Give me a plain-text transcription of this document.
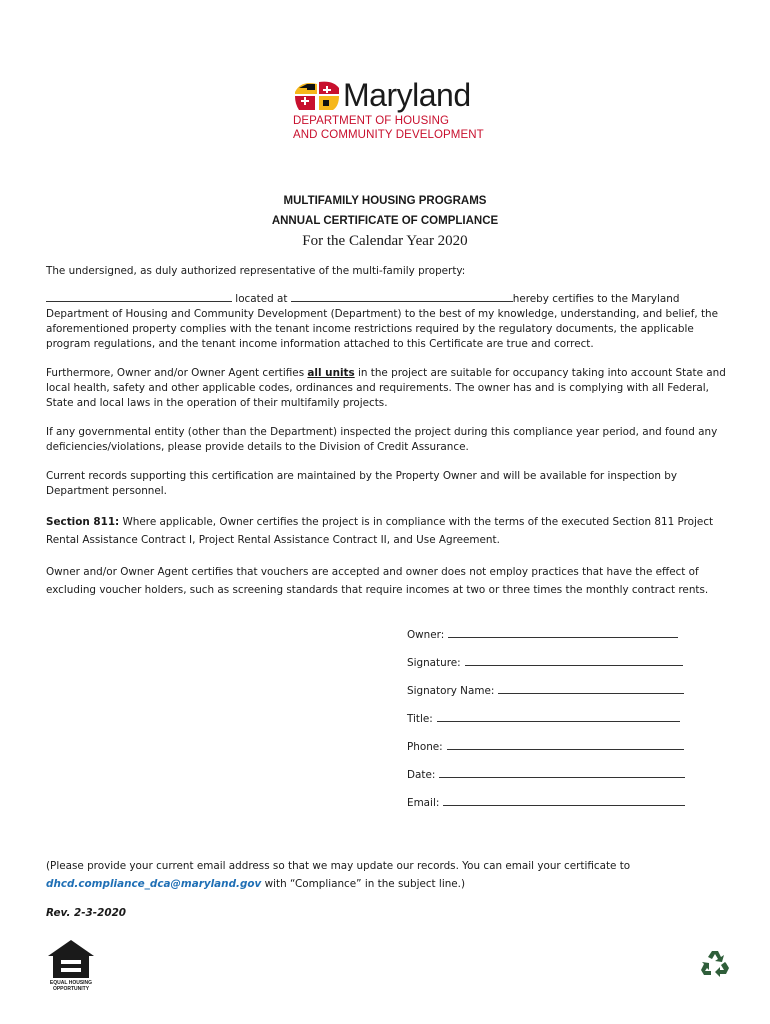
Maryland
DEPARTMENT OF HOUSING
AND COMMUNITY DEVELOPMENT
MULTIFAMILY HOUSING PROGRAMS
ANNUAL CERTIFICATE OF COMPLIANCE
For the Calendar Year 2020

The undersigned, as duly authorized representative of the multi-family property:

located at	hereby certifies to the Maryland Department of Housing and Community Development (Department) to the best of my knowledge, understanding, and belief, the aforementioned property complies with the tenant income restrictions required by the regulatory documents, the applicable program regulations, and the tenant income information attached to this Certificate are true and correct.

Furthermore, Owner and/or Owner Agent certifies all units in the project are suitable for occupancy taking into account State and local health, safety and other applicable codes, ordinances and requirements. The owner has and is complying with all Federal, State and local laws in the operation of their multifamily projects.

If any governmental entity (other than the Department) inspected the project during this compliance year period, and found any deficiencies/violations, please provide details to the Division of Credit Assurance.

Current records supporting this certification are maintained by the Property Owner and will be available for inspection by Department personnel.

Section 811: Where applicable, Owner certifies the project is in compliance with the terms of the executed Section 811 Project Rental Assistance Contract I, Project Rental Assistance Contract II, and Use Agreement.

Owner and/or Owner Agent certifies that vouchers are accepted and owner does not employ practices that have the effect of excluding voucher holders, such as screening standards that require incomes at two or three times the monthly contract rents.

Owner:
Signature:
Signatory Name:
Title:
Phone:
Date:
Email:
(Please provide your current email address so that we may update our records. You can email your certificate to
dhcd.compliance_dca@maryland.gov with “Compliance” in the subject line.)
Rev. 2-3-2020
EQUAL HOUSING
OPPORTUNITY
